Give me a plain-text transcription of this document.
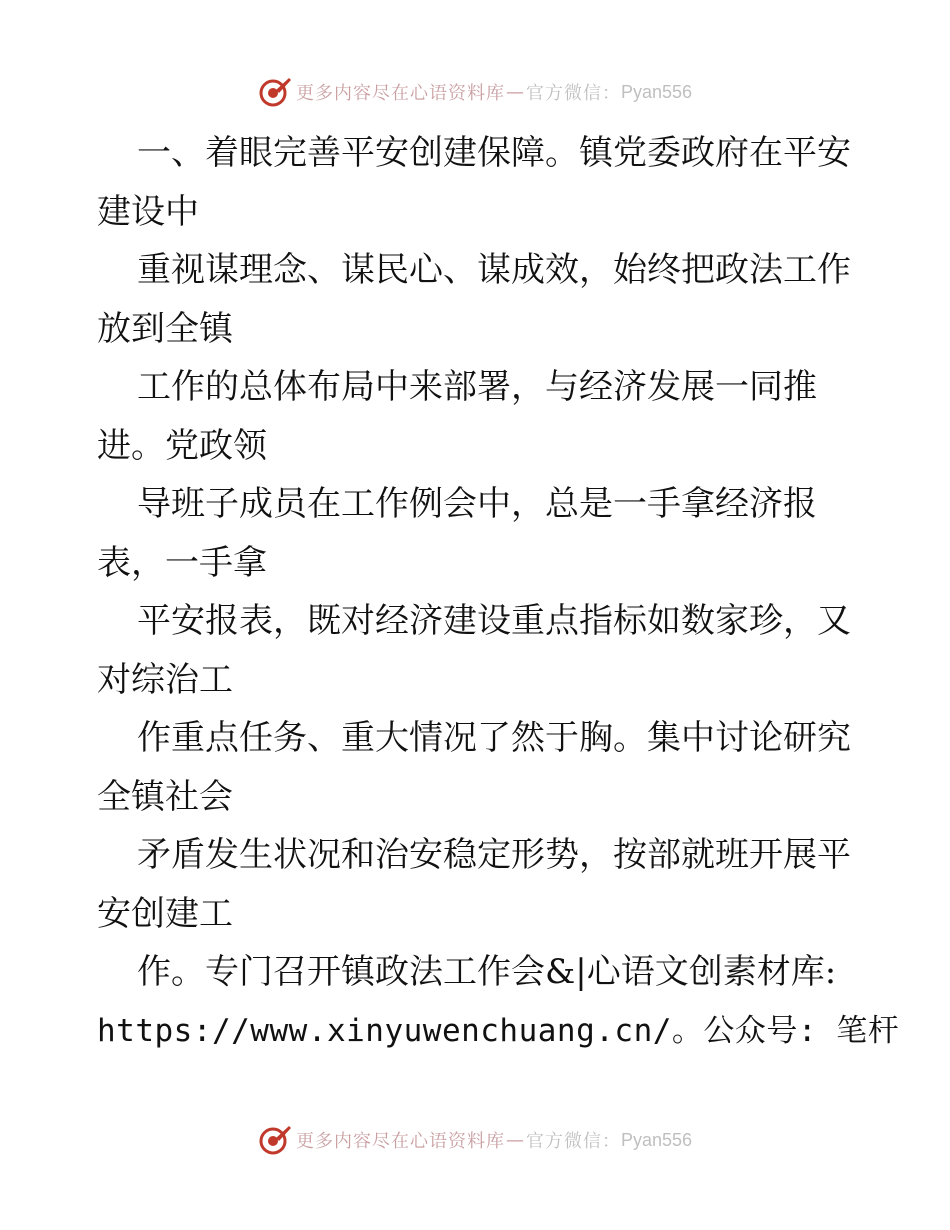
更多内容尽在心语资料库 — 官方微信： Pyan556
一、着眼完善平安创建保障。镇党委政府在平安
建设中
重视谋理念、谋民心、谋成效，始终把政法工作
放到全镇
工作的总体布局中来部署，与经济发展一同推
进。党政领
导班子成员在工作例会中，总是一手拿经济报
表，一手拿
平安报表，既对经济建设重点指标如数家珍，又
对综治工
作重点任务、重大情况了然于胸。集中讨论研究
全镇社会
矛盾发生状况和治安稳定形势，按部就班开展平
安创建工
作。专门召开镇政法工作会&|心语文创素材库:
https://www.xinyuwenchuang.cn/。公众号: 笔杆
更多内容尽在心语资料库 — 官方微信： Pyan556
